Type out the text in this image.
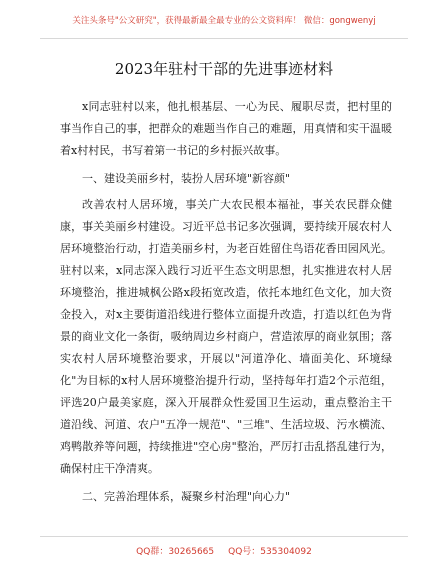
关注头条号"公文研究"，获得最新最全最专业的公文资料库！ 微信：gongwenyj
2023年驻村干部的先进事迹材料

x同志驻村以来，他扎根基层、一心为民、履职尽责，把村里的事当作自己的事，把群众的难题当作自己的难题，用真情和实干温暖着x村村民，书写着第一书记的乡村振兴故事。

一、建设美丽乡村，装扮人居环境"新容颜"

改善农村人居环境，事关广大农民根本福祉，事关农民群众健康，事关美丽乡村建设。习近平总书记多次强调，要持续开展农村人居环境整治行动，打造美丽乡村，为老百姓留住鸟语花香田园风光。驻村以来，x同志深入践行习近平生态文明思想，扎实推进农村人居环境整治，推进城枫公路x段拓宽改造，依托本地红色文化，加大资金投入，对x主要街道沿线进行整体立面提升改造，打造以红色为背景的商业文化一条街，吸纳周边乡村商户，营造浓厚的商业氛围；落实农村人居环境整治要求，开展以"河道净化、墙面美化、环境绿化"为目标的x村人居环境整治提升行动，坚持每年打造2个示范组，评选20户最美家庭，深入开展群众性爱国卫生运动，重点整治主干道沿线、河道、农户"五净一规范"、"三堆"、生活垃圾、污水横流、鸡鸭散养等问题，持续推进"空心房"整治，严厉打击乱搭乱建行为，确保村庄干净清爽。

二、完善治理体系，凝聚乡村治理"向心力"

QQ群：30265665 QQ号：535304092
